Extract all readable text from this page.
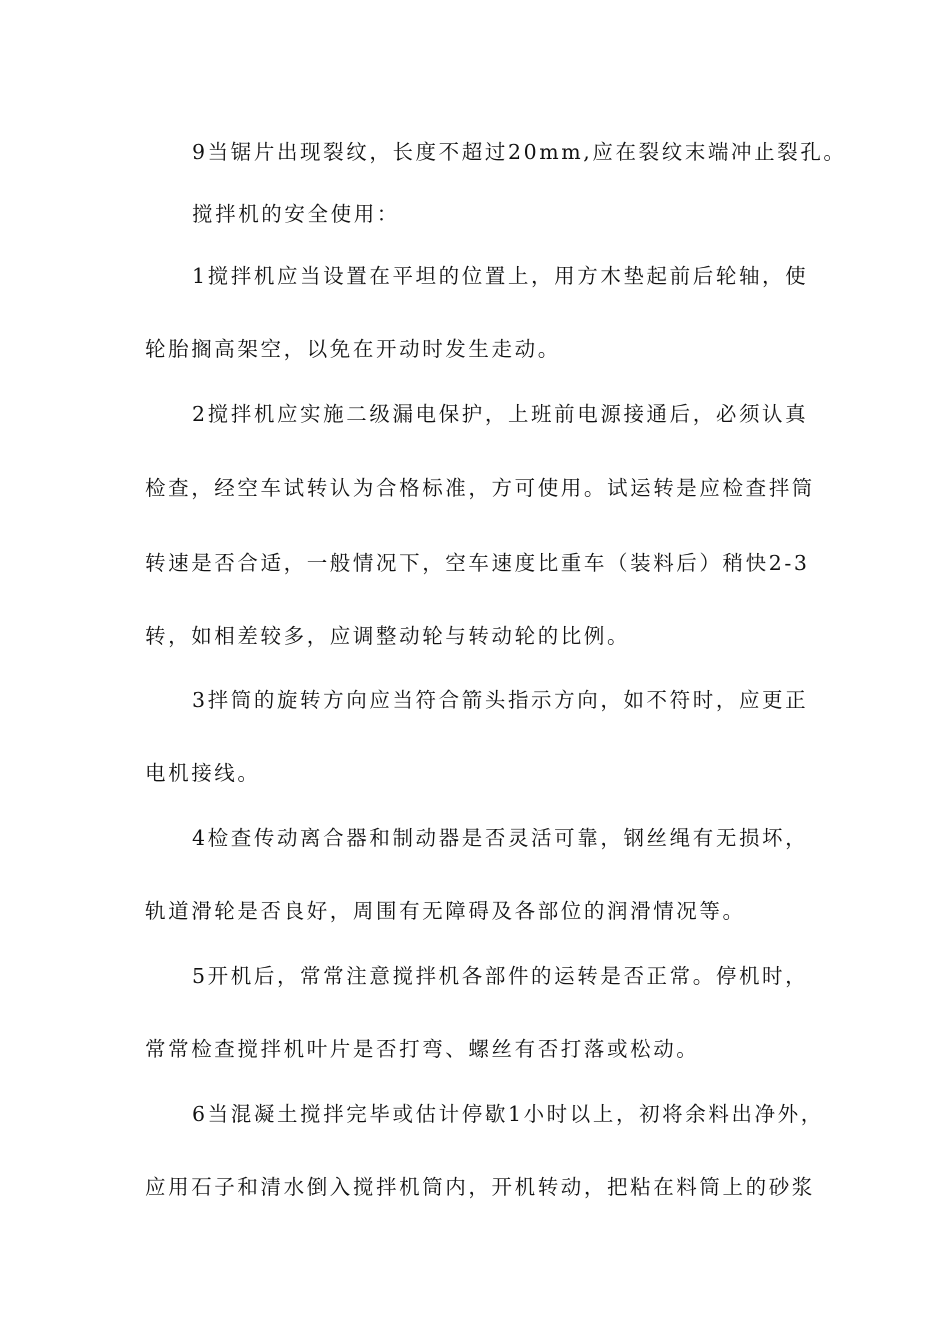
9当锯片出现裂纹，长度不超过20mm,应在裂纹末端冲止裂孔。
搅拌机的安全使用：
1搅拌机应当设置在平坦的位置上，用方木垫起前后轮轴，使
轮胎搁高架空，以免在开动时发生走动。
2搅拌机应实施二级漏电保护，上班前电源接通后，必须认真
检查，经空车试转认为合格标准，方可使用。试运转是应检查拌筒
转速是否合适，一般情况下，空车速度比重车（装料后）稍快2-3
转，如相差较多，应调整动轮与转动轮的比例。
3拌筒的旋转方向应当符合箭头指示方向，如不符时，应更正
电机接线。
4检查传动离合器和制动器是否灵活可靠，钢丝绳有无损坏，
轨道滑轮是否良好，周围有无障碍及各部位的润滑情况等。
5开机后，常常注意搅拌机各部件的运转是否正常。停机时，
常常检查搅拌机叶片是否打弯、螺丝有否打落或松动。
6当混凝土搅拌完毕或估计停歇1小时以上，初将余料出净外，
应用石子和清水倒入搅拌机筒内，开机转动，把粘在料筒上的砂浆
